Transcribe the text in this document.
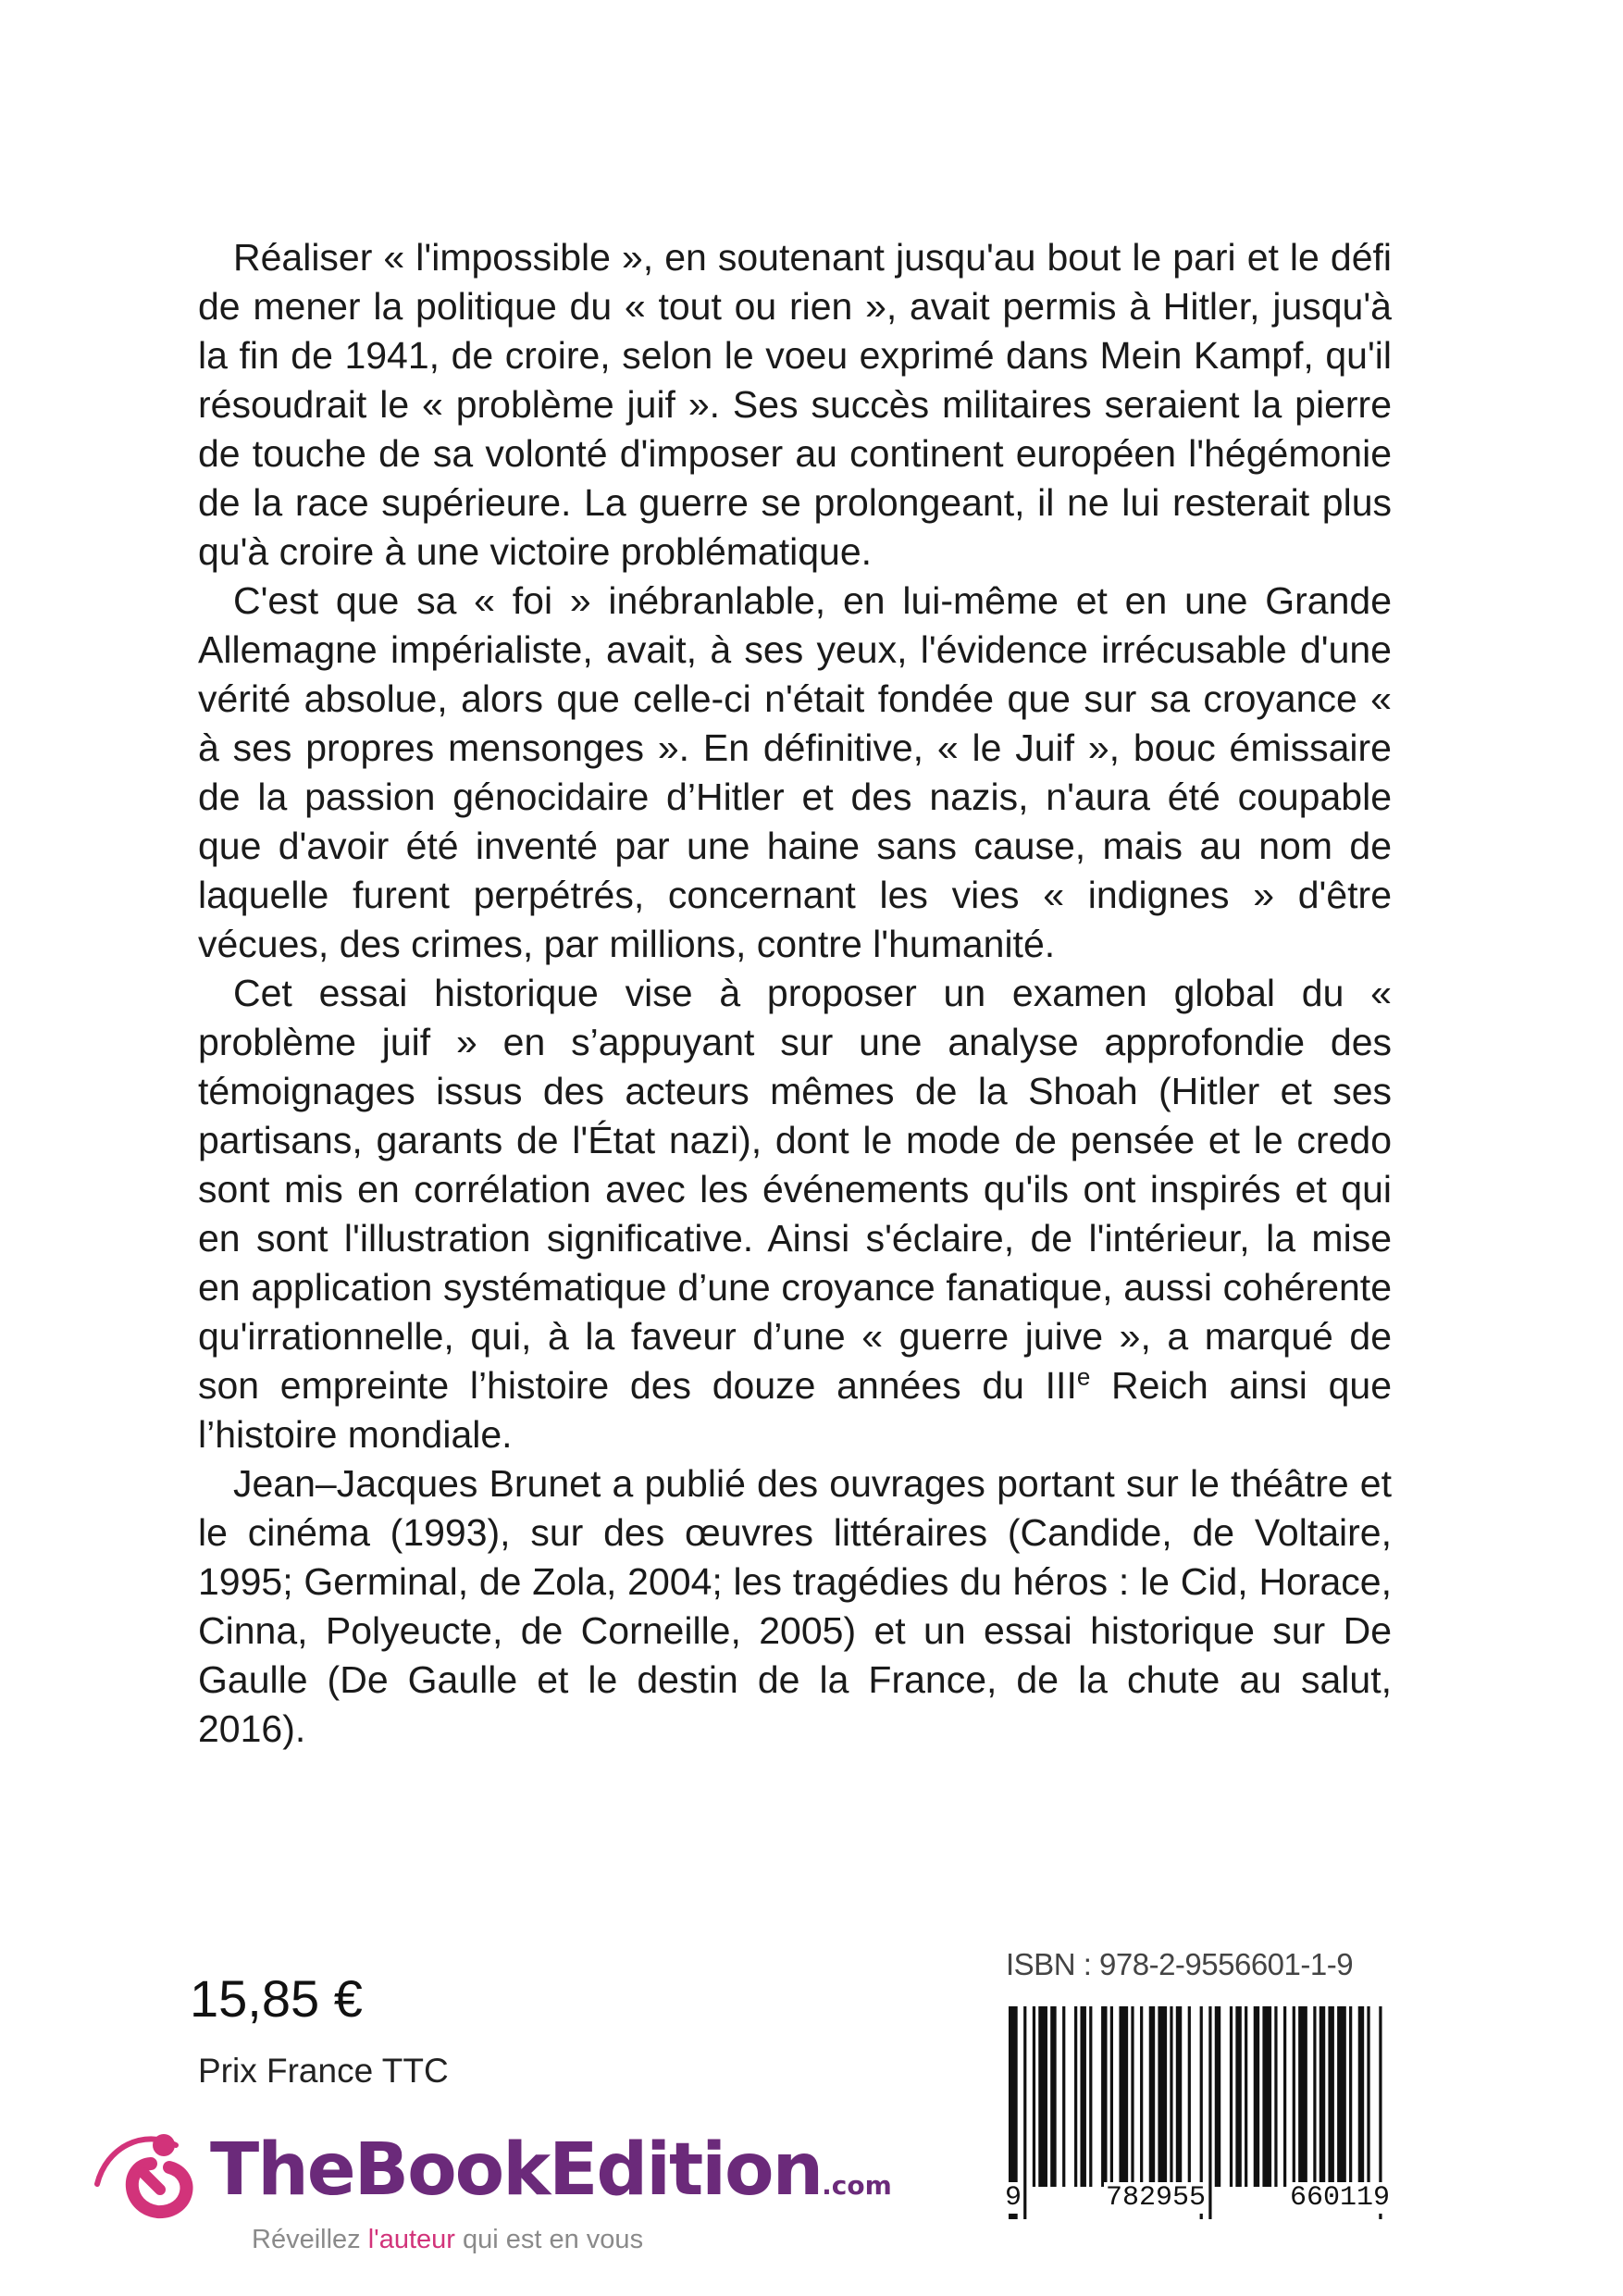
Réaliser « l'impossible », en soutenant jusqu'au bout le pari et le défi de mener la politique du « tout ou rien », avait permis à Hitler, jusqu'à la fin de 1941, de croire, selon le voeu exprimé dans Mein Kampf, qu'il résoudrait le « problème juif ». Ses succès militaires seraient la pierre de touche de sa volonté d'imposer au continent européen l'hégémonie de la race supérieure. La guerre se prolongeant, il ne lui resterait plus qu'à croire à une victoire problématique.

C'est que sa « foi » inébranlable, en lui-même et en une Grande Allemagne impérialiste, avait, à ses yeux, l'évidence irrécusable d'une vérité absolue, alors que celle-ci n'était fondée que sur sa croyance « à ses propres mensonges ». En définitive, « le Juif », bouc émissaire de la passion génocidaire d’Hitler et des nazis, n'aura été coupable que d'avoir été inventé par une haine sans cause, mais au nom de laquelle furent perpétrés, concernant les vies « indignes » d'être vécues, des crimes, par millions, contre l'humanité.

Cet essai historique vise à proposer un examen global du « problème juif » en s’appuyant sur une analyse approfondie des témoignages issus des acteurs mêmes de la Shoah (Hitler et ses partisans, garants de l'État nazi), dont le mode de pensée et le credo sont mis en corrélation avec les événements qu'ils ont inspirés et qui en sont l'illustration significative. Ainsi s'éclaire, de l'intérieur, la mise en application systématique d’une croyance fanatique, aussi cohérente qu'irrationnelle, qui, à la faveur d’une « guerre juive », a marqué de son empreinte l’histoire des douze années du IIIe Reich ainsi que l’histoire mondiale.

Jean–Jacques Brunet a publié des ouvrages portant sur le théâtre et le cinéma (1993), sur des œuvres littéraires (Candide, de Voltaire, 1995; Germinal, de Zola, 2004; les tragédies du héros : le Cid, Horace, Cinna, Polyeucte, de Corneille, 2005) et un essai historique sur De Gaulle (De Gaulle et le destin de la France, de la chute au salut, 2016).

15,85 €
Prix France TTC
ISBN : 978-2-9556601-1-9
9	782955	660119
TheBookEdition.com
Réveillez l'auteur qui est en vous
